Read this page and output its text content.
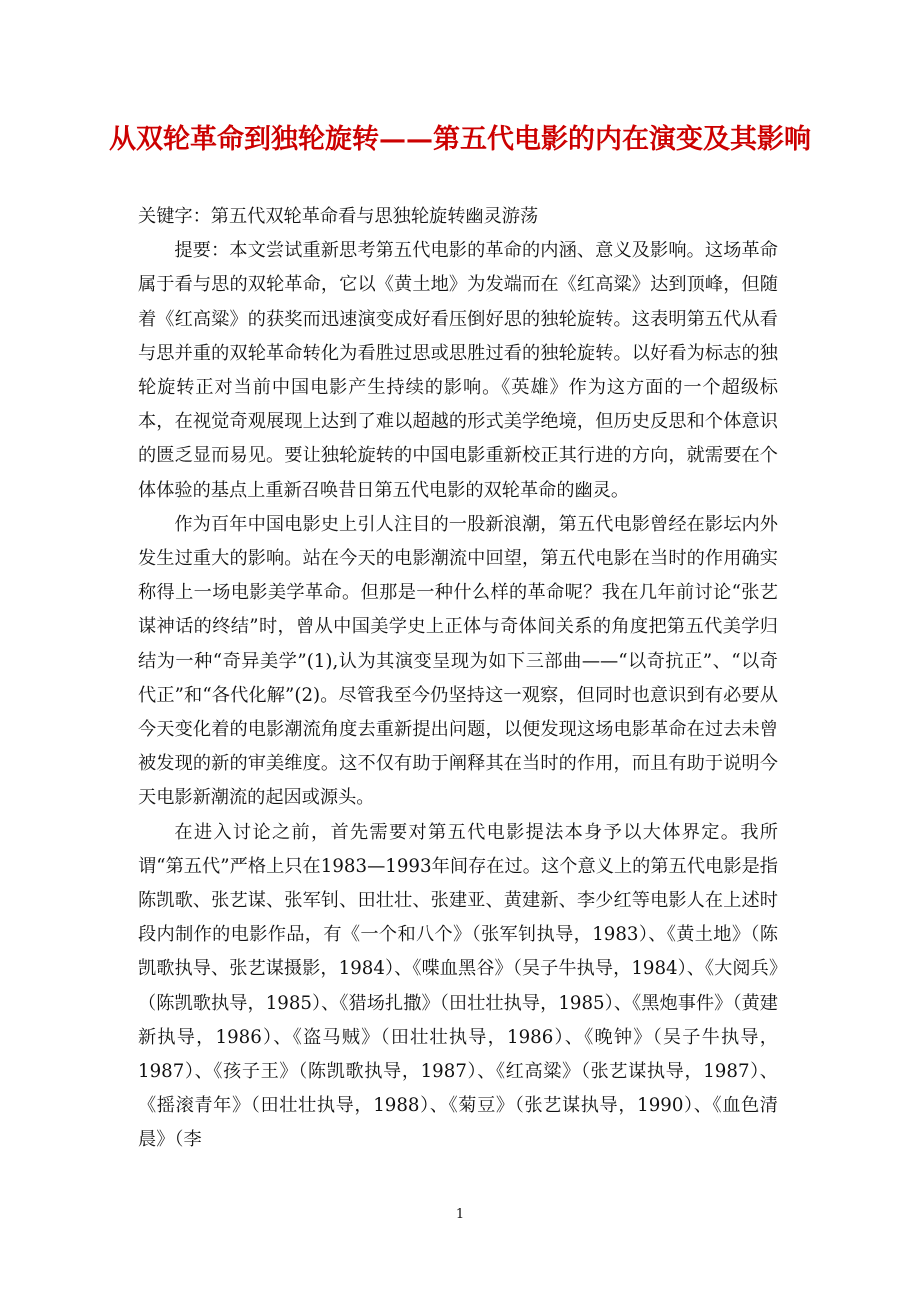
从双轮革命到独轮旋转——第五代电影的内在演变及其影响

关键字：第五代双轮革命看与思独轮旋转幽灵游荡

提要：本文尝试重新思考第五代电影的革命的内涵、意义及影响。这场革命属于看与思的双轮革命，它以《黄土地》为发端而在《红高粱》达到顶峰，但随着《红高粱》的获奖而迅速演变成好看压倒好思的独轮旋转。这表明第五代从看与思并重的双轮革命转化为看胜过思或思胜过看的独轮旋转。以好看为标志的独轮旋转正对当前中国电影产生持续的影响。《英雄》作为这方面的一个超级标本，在视觉奇观展现上达到了难以超越的形式美学绝境，但历史反思和个体意识的匮乏显而易见。要让独轮旋转的中国电影重新校正其行进的方向，就需要在个体体验的基点上重新召唤昔日第五代电影的双轮革命的幽灵。

作为百年中国电影史上引人注目的一股新浪潮，第五代电影曾经在影坛内外发生过重大的影响。站在今天的电影潮流中回望，第五代电影在当时的作用确实称得上一场电影美学革命。但那是一种什么样的革命呢？我在几年前讨论“张艺谋神话的终结”时，曾从中国美学史上正体与奇体间关系的角度把第五代美学归结为一种“奇异美学”(1),认为其演变呈现为如下三部曲——“以奇抗正”、“以奇代正”和“各代化解”(2)。尽管我至今仍坚持这一观察，但同时也意识到有必要从今天变化着的电影潮流角度去重新提出问题，以便发现这场电影革命在过去未曾被发现的新的审美维度。这不仅有助于阐释其在当时的作用，而且有助于说明今天电影新潮流的起因或源头。

在进入讨论之前，首先需要对第五代电影提法本身予以大体界定。我所谓“第五代”严格上只在1983—1993年间存在过。这个意义上的第五代电影是指陈凯歌、张艺谋、张军钊、田壮壮、张建亚、黄建新、李少红等电影人在上述时段内制作的电影作品，有《一个和八个》（张军钊执导，1983）、《黄土地》（陈凯歌执导、张艺谋摄影，1984）、《喋血黑谷》（吴子牛执导，1984）、《大阅兵》（陈凯歌执导，1985）、《猎场扎撒》（田壮壮执导，1985）、《黑炮事件》（黄建新执导，1986）、《盗马贼》（田壮壮执导，1986）、《晚钟》（吴子牛执导，1987）、《孩子王》（陈凯歌执导，1987）、《红高粱》（张艺谋执导，1987）、《摇滚青年》（田壮壮执导，1988）、《菊豆》（张艺谋执导，1990）、《血色清晨》（李

1
